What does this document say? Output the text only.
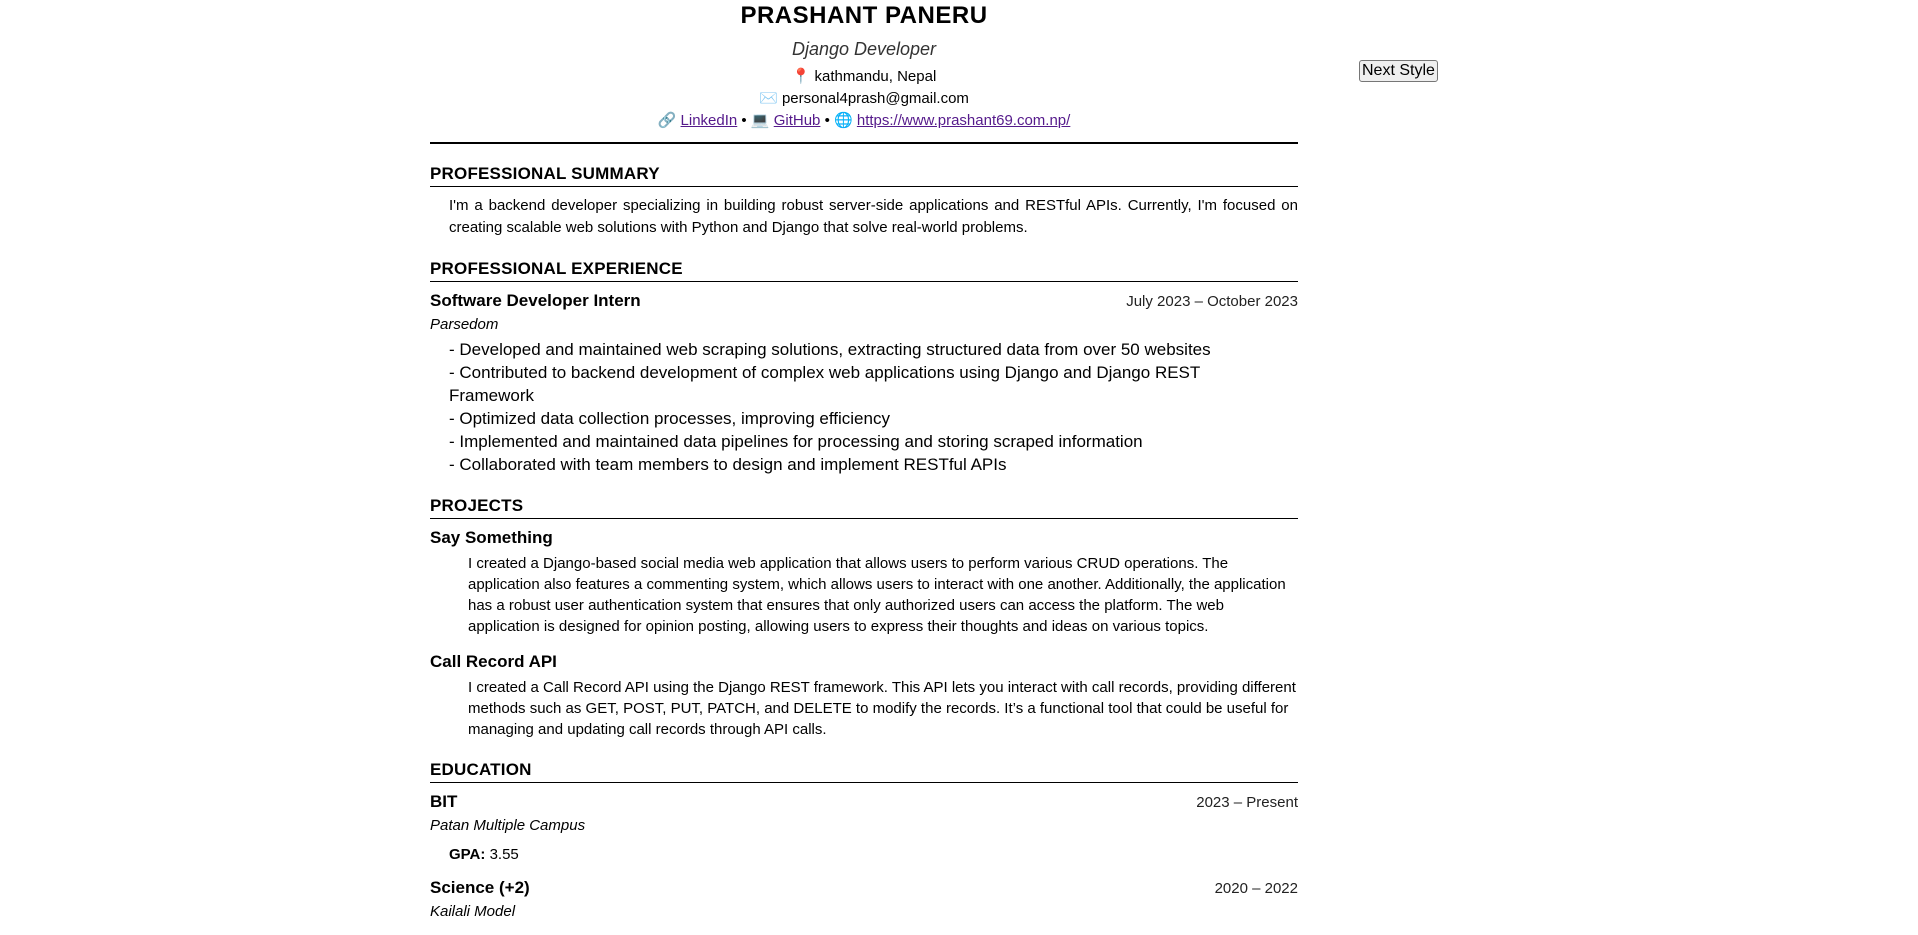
PRASHANT PANERU
Django Developer
📍 kathmandu, Nepal
✉️ personal4prash@gmail.com
🔗 LinkedIn • 💻 GitHub • 🌐 https://www.prashant69.com.np/
PROFESSIONAL SUMMARY
I'm a backend developer specializing in building robust server-side applications and RESTful APIs. Currently, I'm focused on creating scalable web solutions with Python and Django that solve real-world problems.
PROFESSIONAL EXPERIENCE
Software Developer Intern	July 2023 – October 2023
Parsedom
- Developed and maintained web scraping solutions, extracting structured data from over 50 websites
- Contributed to backend development of complex web applications using Django and Django REST Framework
- Optimized data collection processes, improving efficiency
- Implemented and maintained data pipelines for processing and storing scraped information
- Collaborated with team members to design and implement RESTful APIs
PROJECTS
Say Something
I created a Django-based social media web application that allows users to perform various CRUD operations. The application also features a commenting system, which allows users to interact with one another. Additionally, the application has a robust user authentication system that ensures that only authorized users can access the platform. The web application is designed for opinion posting, allowing users to express their thoughts and ideas on various topics.
Call Record API
I created a Call Record API using the Django REST framework. This API lets you interact with call records, providing different methods such as GET, POST, PUT, PATCH, and DELETE to modify the records. It’s a functional tool that could be useful for managing and updating call records through API calls.
EDUCATION
BIT	2023 – Present
Patan Multiple Campus
GPA: 3.55
Science (+2)	2020 – 2022
Kailali Model
Next Style
